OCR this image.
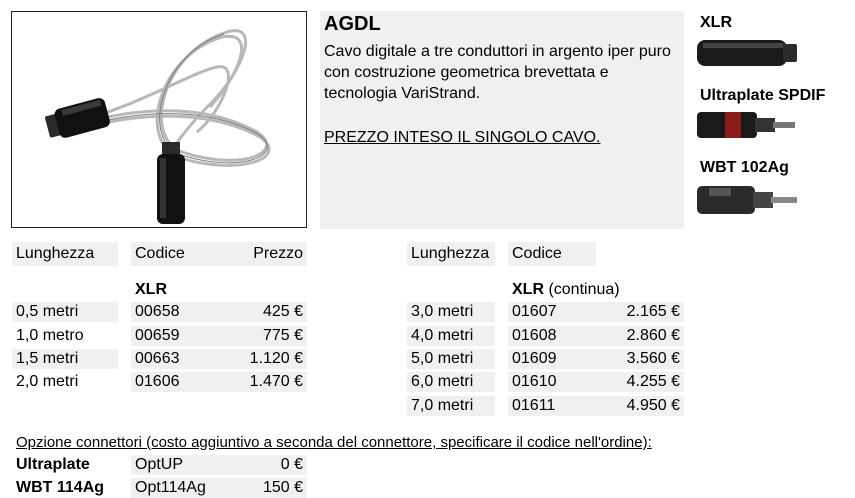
AGDL
Cavo digitale a tre conduttori in argento iper puro con costruzione geometrica brevettata e tecnologia VariStrand.
PREZZO INTESO IL SINGOLO CAVO.
XLR
Ultraplate SPDIF
WBT 102Ag
Lunghezza	Codice	Prezzo
XLR
0,5 metri	00658	425 €
1,0 metro	00659	775 €
1,5 metri	00663	1.120 €
2,0 metri	01606	1.470 €
Lunghezza	Codice
XLR (continua)
3,0 metri	01607	2.165 €
4,0 metri	01608	2.860 €
5,0 metri	01609	3.560 €
6,0 metri	01610	4.255 €
7,0 metri	01611	4.950 €
Opzione connettori (costo aggiuntivo a seconda del connettore, specificare il codice nell'ordine):
Ultraplate	OptUP	0 €
WBT 114Ag	Opt114Ag	150 €
